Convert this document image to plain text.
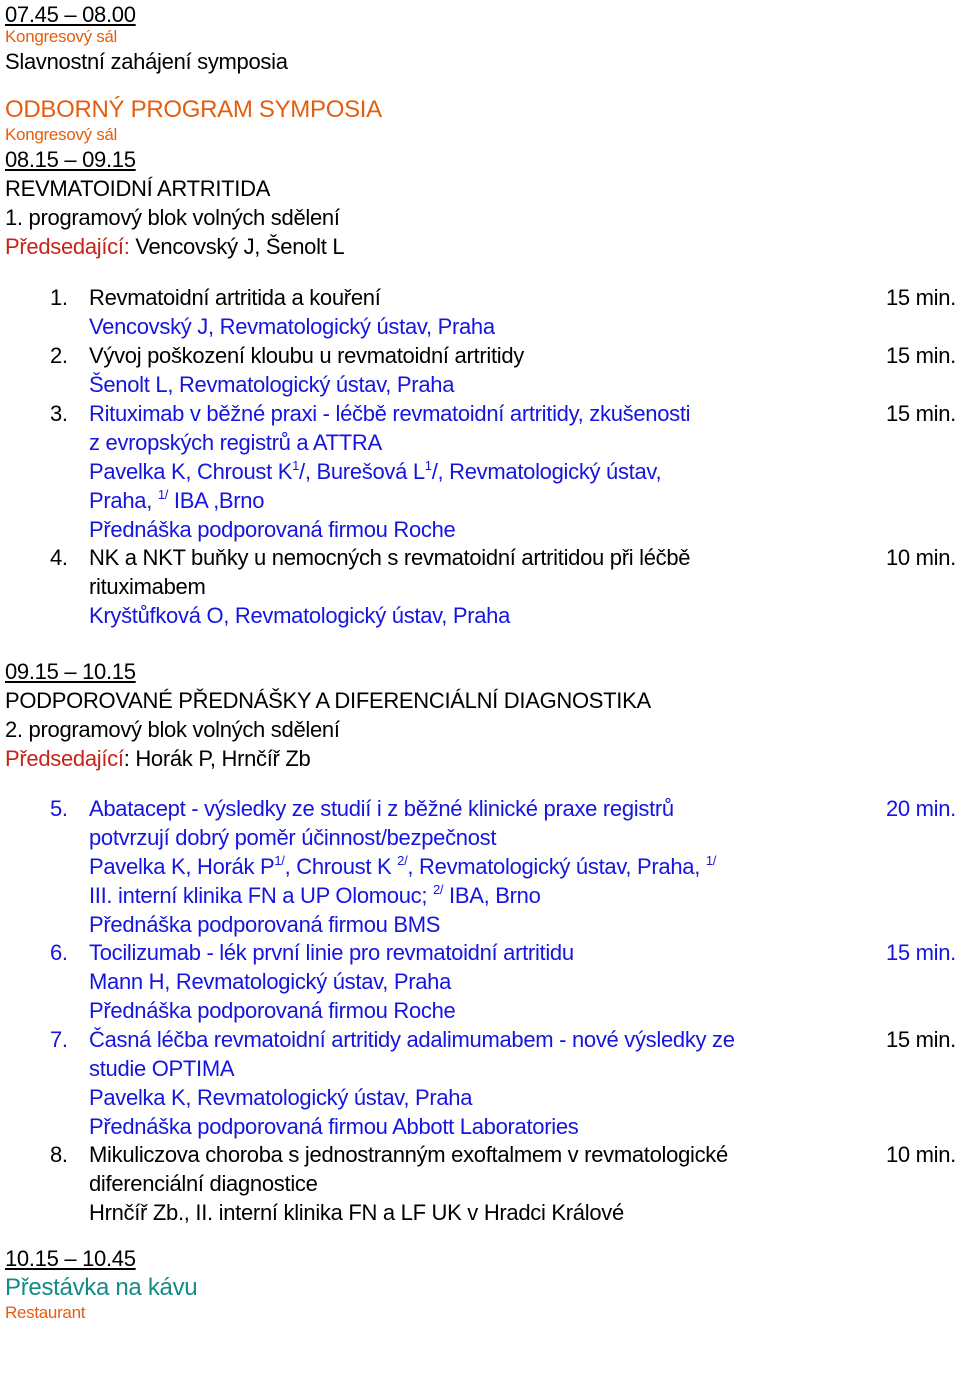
07.45 – 08.00
Kongresový sál
Slavnostní zahájení symposia
ODBORNÝ PROGRAM SYMPOSIA
Kongresový sál
08.15 – 09.15
REVMATOIDNÍ ARTRITIDA
1. programový blok volných sdělení
Předsedající: Vencovský J, Šenolt L
1. Revmatoidní artritida a kouření
Vencovský J, Revmatologický ústav, Praha
15 min.
2. Vývoj poškození kloubu u revmatoidní artritidy
Šenolt L, Revmatologický ústav, Praha
15 min.
3. Rituximab v běžné praxi - léčbě revmatoidní artritidy, zkušenosti
z evropských registrů a ATTRA
Pavelka K, Chroust $K^1/$, Burešová $L^1/$, Revmatologický ústav,
Praha, $^{1/}$ IBA ,Brno
Přednáška podporovaná firmou Roche
15 min.
4. NK a NKT buňky u nemocných s revmatoidní artritidou při léčbě
rituximabem
Kryštůfková O, Revmatologický ústav, Praha
10 min.
09.15 – 10.15
PODPOROVANÉ PŘEDNÁŠKY A DIFERENCIÁLNÍ DIAGNOSTIKA
2. programový blok volných sdělení
Předsedající: Horák P, Hrnčíř Zb
5. Abatacept - výsledky ze studií i z běžné klinické praxe registrů
potvrzují dobrý poměr účinnost/bezpečnost
Pavelka K, Horák $P^{1/}$, Chroust K $^{2/}$, Revmatologický ústav, Praha, $^{1/}$
III. interní klinika FN a UP Olomouc; $^{2/}$ IBA, Brno
Přednáška podporovaná firmou BMS
20 min.
6. Tocilizumab - lék první linie pro revmatoidní artritidu
Mann H, Revmatologický ústav, Praha
Přednáška podporovaná firmou Roche
15 min.
7. Časná léčba revmatoidní artritidy adalimumabem - nové výsledky ze
studie OPTIMA
Pavelka K, Revmatologický ústav, Praha
Přednáška podporovaná firmou Abbott Laboratories
15 min.
8. Mikuliczova choroba s jednostranným exoftalmem v revmatologické
diferenciální diagnostice
Hrnčíř Zb., II. interní klinika FN a LF UK v Hradci Králové
10 min.
10.15 – 10.45
Přestávka na kávu
Restaurant
